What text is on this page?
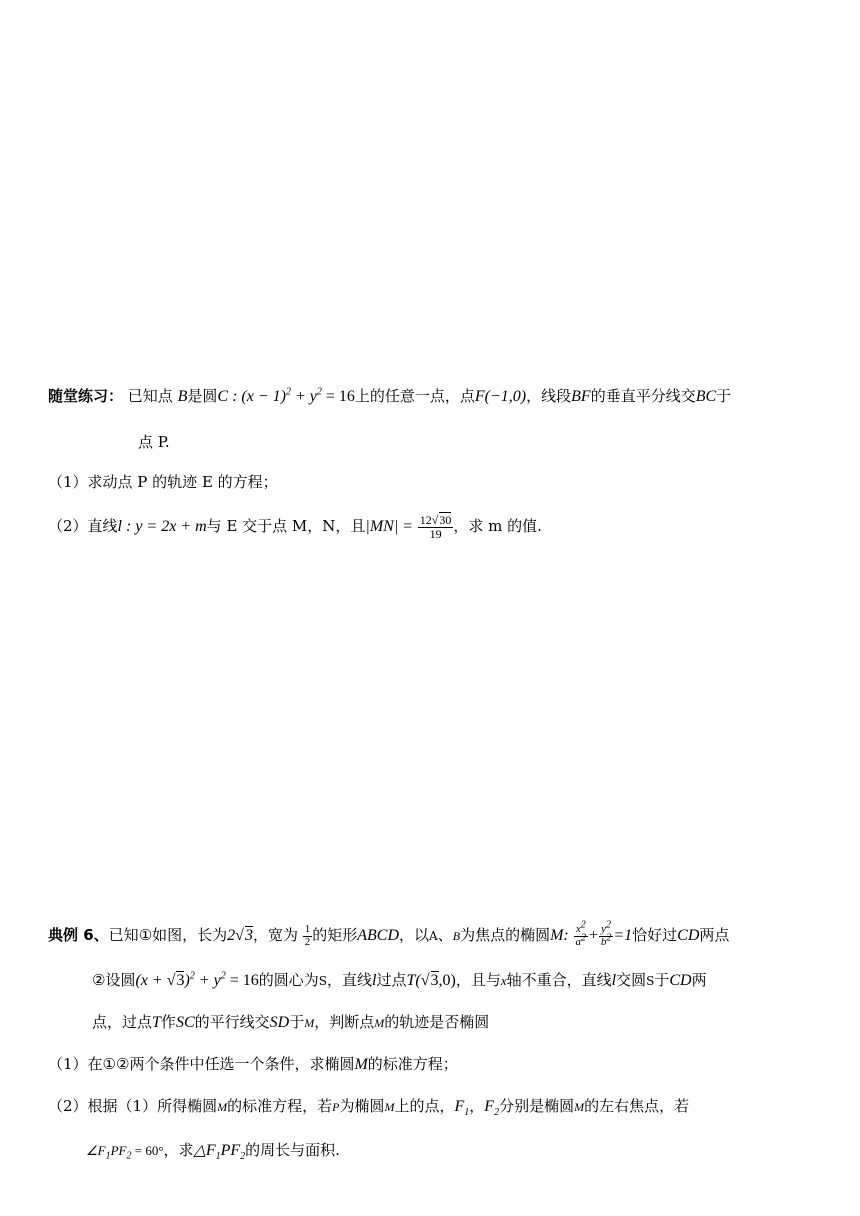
随堂练习： 已知点 B是圆C : $(x - 1)^2 + y^2 = 16$上的任意一点，点F(−1,0)，线段BF的垂直平分线交BC于
点 P.
（1）求动点 P 的轨迹 E 的方程；
（2）直线l : y = 2x + m与 E 交于点 M，N，且$|MN| = \frac{12√30}{19}$ ，求 m 的值.
典例 6、已知①如图，长为2√3，宽为 $\frac{1}{2}$ 的矩形ABCD，以A、B为焦点的椭圆M: $\frac{x^2}{a^2} + \frac{y^2}{b^2} =1$恰好过CD两点
②设圆$(x + √3)^2 + y^2 = 16$的圆心为S，直线l过点T(√3,0)，且与x轴不重合，直线l交圆S于CD两
点，过点T作SC的平行线交SD于M，判断点M的轨迹是否椭圆
（1）在①②两个条件中任选一个条件，求椭圆M的标准方程；
（2）根据（1）所得椭圆M的标准方程，若P为椭圆M上的点，$F_1$，$F_2$分别是椭圆M的左右焦点，若
$\angle F_1PF_2 = 60^\circ$，求$\triangle F_1PF_2$的周长与面积.
